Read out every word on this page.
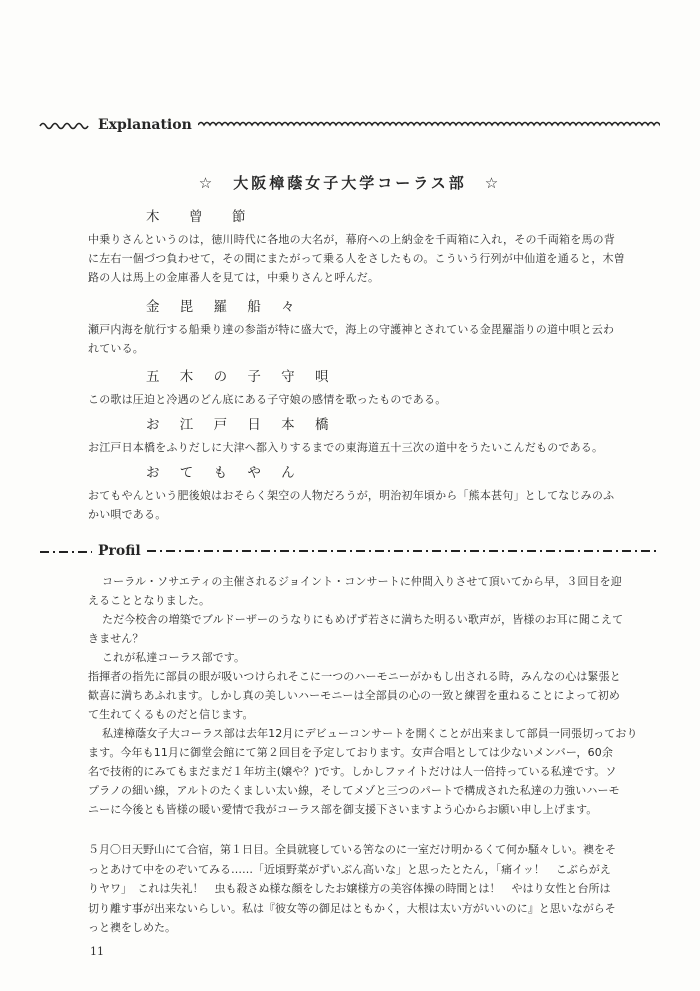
Explanation
☆　大阪樟蔭女子大学コーラス部　☆
木　曾　節
中乗りさんというのは，徳川時代に各地の大名が，幕府への上納金を千両箱に入れ，その千両箱を馬の背
に左右一個づつ負わせて，その間にまたがって乗る人をさしたもの。こういう行列が中仙道を通ると，木曽
路の人は馬上の金庫番人を見ては，中乗りさんと呼んだ。
金 毘 羅 船 々
瀬戸内海を航行する船乗り達の参詣が特に盛大で，海上の守護神とされている金毘羅詣りの道中唄と云わ
れている。
五 木 の 子 守 唄
この歌は圧迫と冷遇のどん底にある子守娘の感情を歌ったものである。
お 江 戸 日 本 橋
お江戸日本橋をふりだしに大津へ都入りするまでの東海道五十三次の道中をうたいこんだものである。
お て も や ん
おてもやんという肥後娘はおそらく架空の人物だろうが，明治初年頃から「熊本甚句」としてなじみのふ
かい唄である。
Profil

コーラル・ソサエティの主催されるジョイント・コンサートに仲間入りさせて頂いてから早，３回目を迎

えることとなりました。

ただ今校舎の増築でブルドーザーのうなりにもめげず若さに満ちた明るい歌声が，皆様のお耳に聞こえて

きません？

これが私達コーラス部です。

指揮者の指先に部員の眼が吸いつけられそこに一つのハーモニーがかもし出される時，みんなの心は緊張と

歓喜に満ちあふれます。しかし真の美しいハーモニーは全部員の心の一致と練習を重ねることによって初め

て生れてくるものだと信じます。

私達樟蔭女子大コーラス部は去年12月にデビューコンサートを開くことが出来まして部員一同張切っており

ます。今年も11月に御堂会館にて第２回目を予定しております。女声合唱としては少ないメンバー，60余

名で技術的にみてもまだまだ１年坊主(嬢や？)です。しかしファイトだけは人一倍持っている私達です。ソ

プラノの細い線，アルトのたくましい太い線，そしてメゾと三つのパートで構成された私達の力強いハーモ

ニーに今後とも皆様の暖い愛情で我がコーラス部を御支援下さいますよう心からお願い申し上げます。

５月〇日天野山にて合宿，第１日目。全員就寝している筈なのに一室だけ明かるくて何か騒々しい。襖をそ

っとあけて中をのぞいてみる……「近頃野菜がずいぶん高いな」と思ったとたん，「痛イッ！　こぶらがえ

りヤワ」　これは失礼！　虫も殺さぬ様な顔をしたお嬢様方の美容体操の時間とは！　やはり女性と台所は

切り離す事が出来ないらしい。私は『彼女等の御足はともかく，大根は太い方がいいのに』と思いながらそ

っと襖をしめた。

11
